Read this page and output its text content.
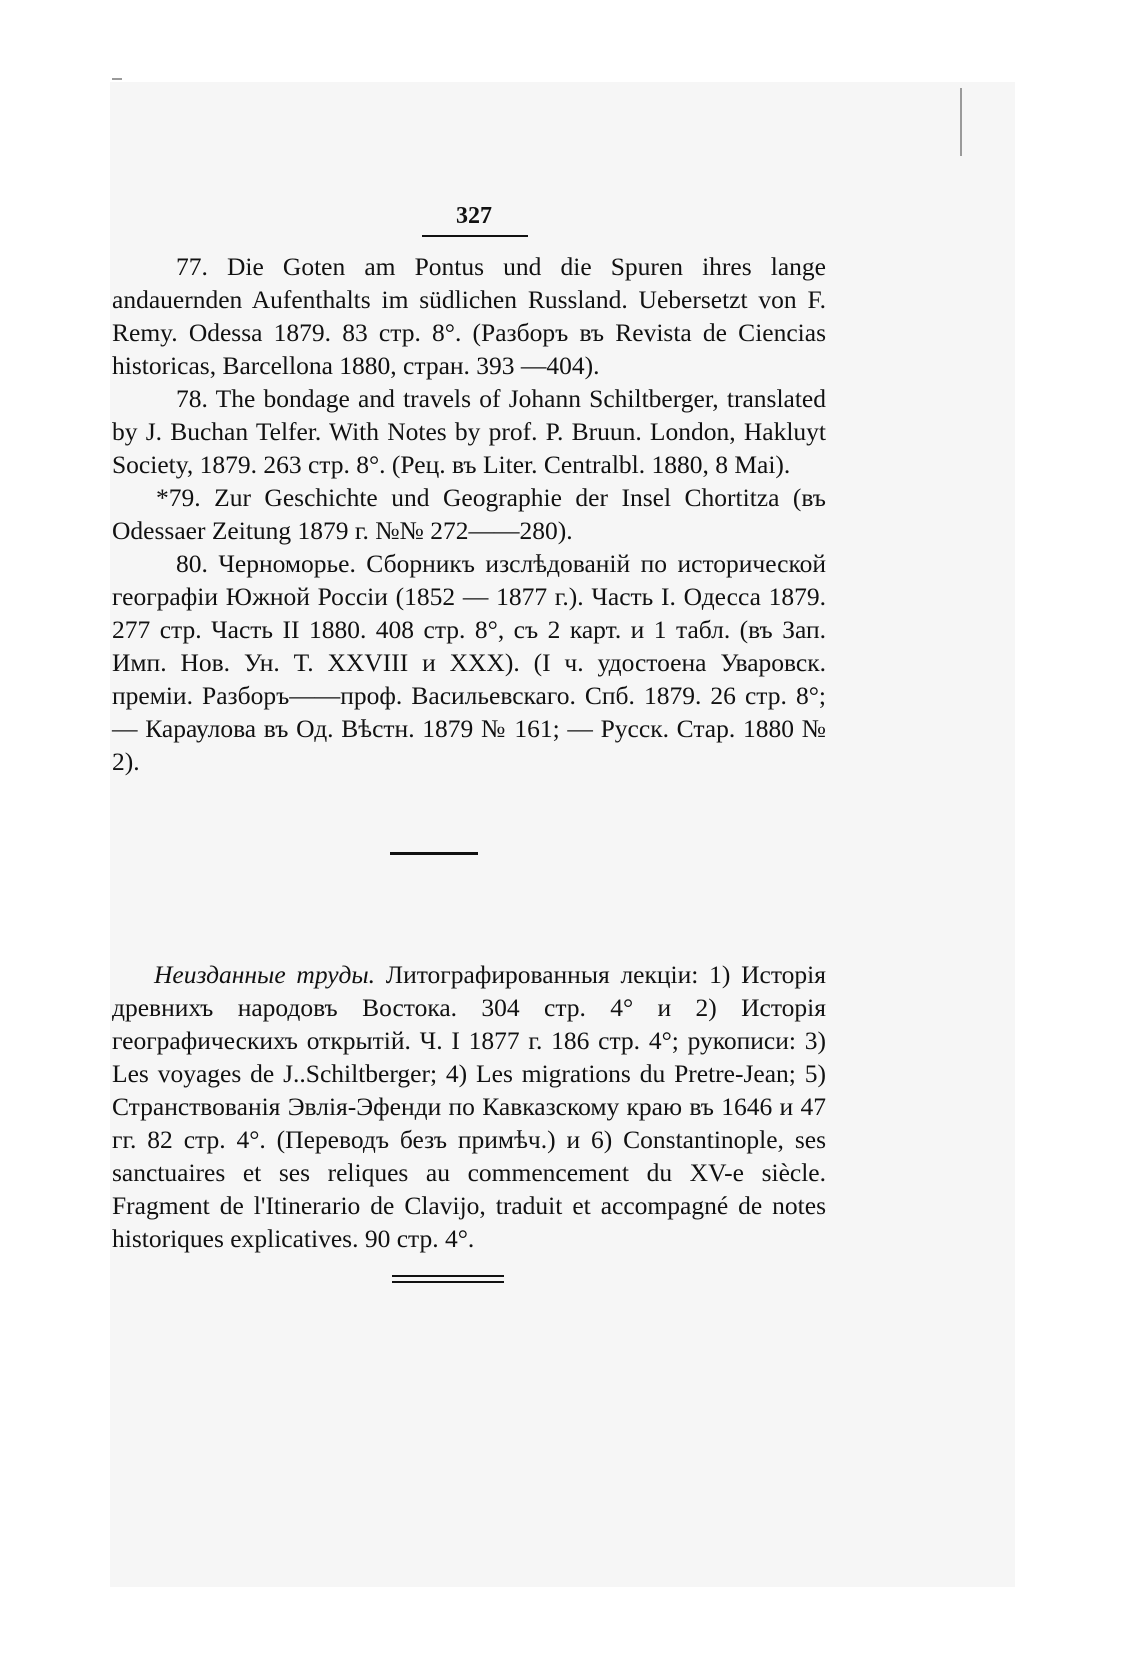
327

77. Die Goten am Pontus und die Spuren ihres lange andauernden Aufenthalts im südlichen Russland. Uebersetzt von F. Remy. Odessa 1879. 83 стр. 8°. (Разборъ въ Revista de Ciencias historicas, Barcellona 1880, стран. 393 —404).

78. The bondage and travels of Johann Schiltberger, translated by J. Buchan Telfer. With Notes by prof. P. Bruun. London, Hakluyt Society, 1879. 263 стр. 8°. (Рец. въ Liter. Centralbl. 1880, 8 Mai).

*79. Zur Geschichte und Geographie der Insel Chortitza (въ Odessaer Zeitung 1879 г. №№ 272——280).

80. Черноморье. Сборникъ изслѣдованій по исторической географіи Южной Россіи (1852 — 1877 г.). Часть I. Одесса 1879. 277 стр. Часть II 1880. 408 стр. 8°, съ 2 карт. и 1 табл. (въ Зап. Имп. Нов. Ун. T. XXVIII и XXX). (I ч. удостоена Уваровск. преміи. Разборъ——проф. Васильевскаго. Спб. 1879. 26 стр. 8°; — Караулова въ Од. Вѣстн. 1879 № 161; — Русск. Стар. 1880 № 2).

Неизданные труды. Литографированныя лекціи: 1) Исторія древнихъ народовъ Востока. 304 стр. 4° и 2) Исторія географическихъ открытій. Ч. I 1877 г. 186 стр. 4°; рукописи: 3) Les voyages de J..Schiltberger; 4) Les migrations du Pretre-Jean; 5) Странствованія Эвлія-Эфенди по Кавказскому краю въ 1646 и 47 гг. 82 стр. 4°. (Переводъ безъ примѣч.) и 6) Constantinople, ses sanctuaires et ses reliques au commencement du XV-e siècle. Fragment de l'Itinerario de Clavijo, traduit et accompagné de notes historiques explicatives. 90 стр. 4°.
